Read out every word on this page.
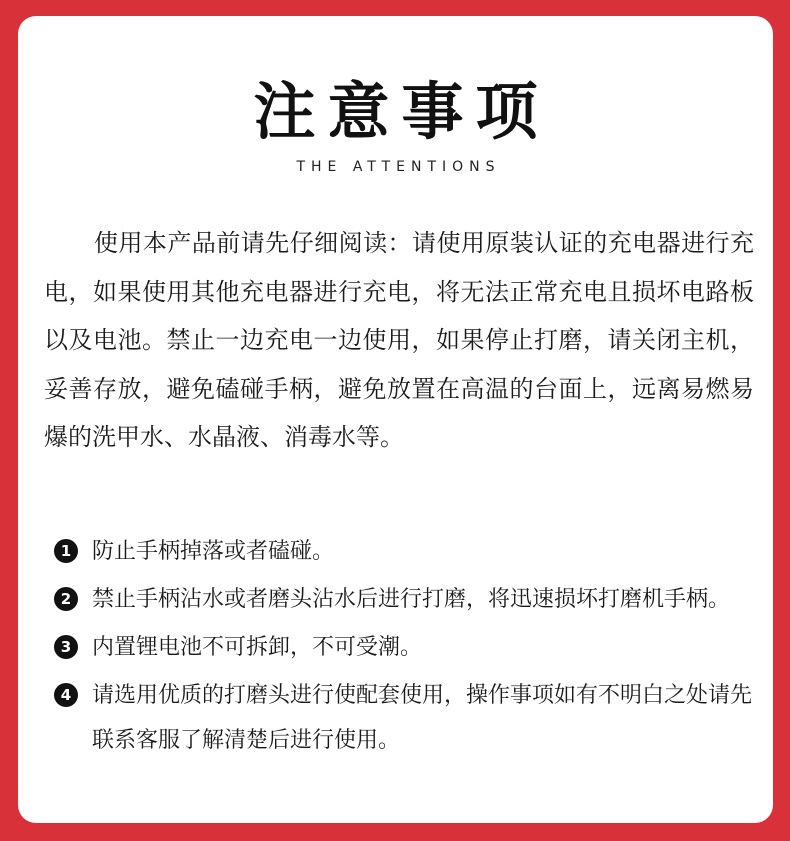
注意事项
THE ATTENTIONS

使用本产品前请先仔细阅读：请使用原装认证的充电器进行充电，如果使用其他充电器进行充电，将无法正常充电且损坏电路板以及电池。禁止一边充电一边使用，如果停止打磨，请关闭主机，妥善存放，避免磕碰手柄，避免放置在高温的台面上，远离易燃易爆的洗甲水、水晶液、消毒水等。

1 防止手柄掉落或者磕碰。
2 禁止手柄沾水或者磨头沾水后进行打磨，将迅速损坏打磨机手柄。
3 内置锂电池不可拆卸，不可受潮。
4 请选用优质的打磨头进行使配套使用，操作事项如有不明白之处请先联系客服了解清楚后进行使用。
